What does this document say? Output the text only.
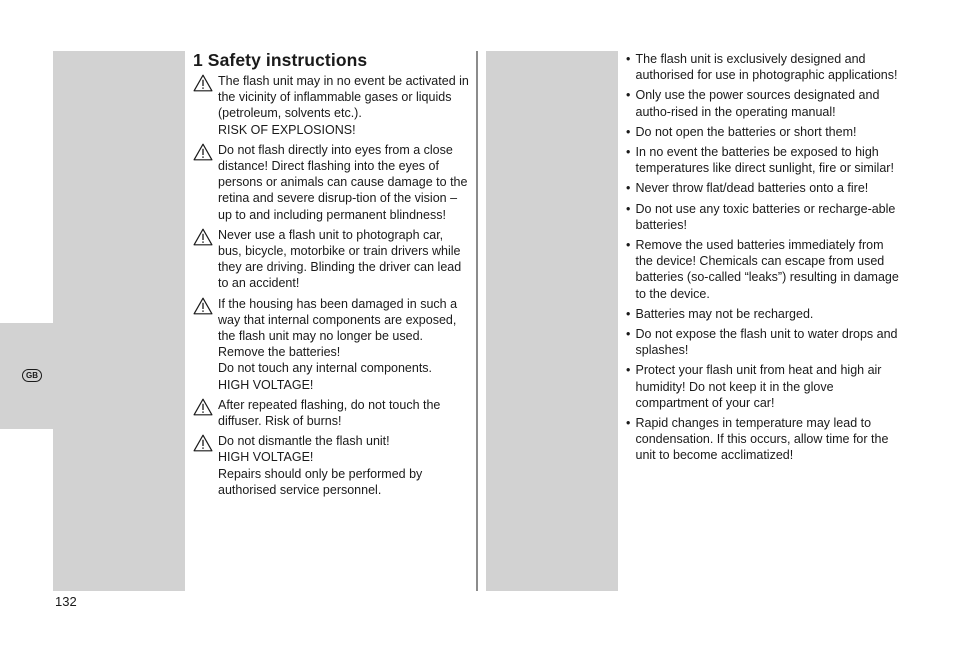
GB
1 Safety instructions

The flash unit may in no event be activated in the vicinity of inflammable gases or liquids (petroleum, solvents etc.).

RISK OF EXPLOSIONS!

Do not flash directly into eyes from a close distance! Direct flashing into the eyes of persons or animals can cause damage to the retina and severe disrup-tion of the vision – up to and including permanent blindness!

Never use a flash unit to photograph car, bus, bicycle, motorbike or train drivers while they are driving. Blinding the driver can lead to an accident!

If the housing has been damaged in such a way that internal components are exposed, the flash unit may no longer be used. Remove the batteries!

Do not touch any internal components.

HIGH VOLTAGE!

After repeated flashing, do not touch the diffuser. Risk of burns!

Do not dismantle the flash unit!

HIGH VOLTAGE!

Repairs should only be performed by authorised service personnel.

• The flash unit is exclusively designed and authorised for use in photographic applications!
• Only use the power sources designated and autho-rised in the operating manual!
• Do not open the batteries or short them!
• In no event the batteries be exposed to high temperatures like direct sunlight, fire or similar!
• Never throw flat/dead batteries onto a fire!
• Do not use any toxic batteries or recharge-able batteries!
• Remove the used batteries immediately from the device! Chemicals can escape from used batteries (so-called “leaks”) resulting in damage to the device.
• Batteries may not be recharged.
• Do not expose the flash unit to water drops and splashes!
• Protect your flash unit from heat and high air humidity! Do not keep it in the glove compartment of your car!
• Rapid changes in temperature may lead to condensation. If this occurs, allow time for the unit to become acclimatized!
132
